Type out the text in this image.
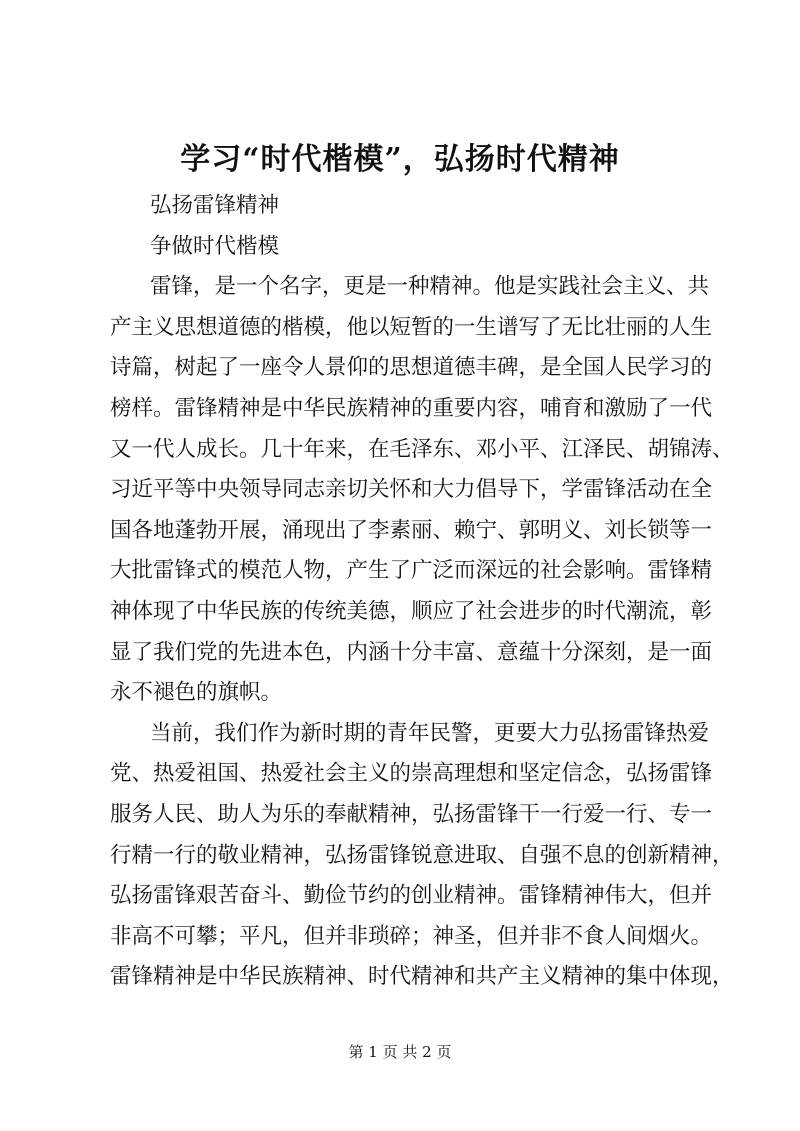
学习“时代楷模”，弘扬时代精神

弘扬雷锋精神

争做时代楷模

雷锋，是一个名字，更是一种精神。他是实践社会主义、共
产主义思想道德的楷模，他以短暂的一生谱写了无比壮丽的人生
诗篇，树起了一座令人景仰的思想道德丰碑，是全国人民学习的
榜样。雷锋精神是中华民族精神的重要内容，哺育和激励了一代
又一代人成长。几十年来，在毛泽东、邓小平、江泽民、胡锦涛、
习近平等中央领导同志亲切关怀和大力倡导下，学雷锋活动在全
国各地蓬勃开展，涌现出了李素丽、赖宁、郭明义、刘长锁等一
大批雷锋式的模范人物，产生了广泛而深远的社会影响。雷锋精
神体现了中华民族的传统美德，顺应了社会进步的时代潮流，彰
显了我们党的先进本色，内涵十分丰富、意蕴十分深刻，是一面
永不褪色的旗帜。
当前，我们作为新时期的青年民警，更要大力弘扬雷锋热爱
党、热爱祖国、热爱社会主义的崇高理想和坚定信念，弘扬雷锋
服务人民、助人为乐的奉献精神，弘扬雷锋干一行爱一行、专一
行精一行的敬业精神，弘扬雷锋锐意进取、自强不息的创新精神，
弘扬雷锋艰苦奋斗、勤俭节约的创业精神。雷锋精神伟大，但并
非高不可攀；平凡，但并非琐碎；神圣，但并非不食人间烟火。
雷锋精神是中华民族精神、时代精神和共产主义精神的集中体现，
第 1 页 共 2 页
